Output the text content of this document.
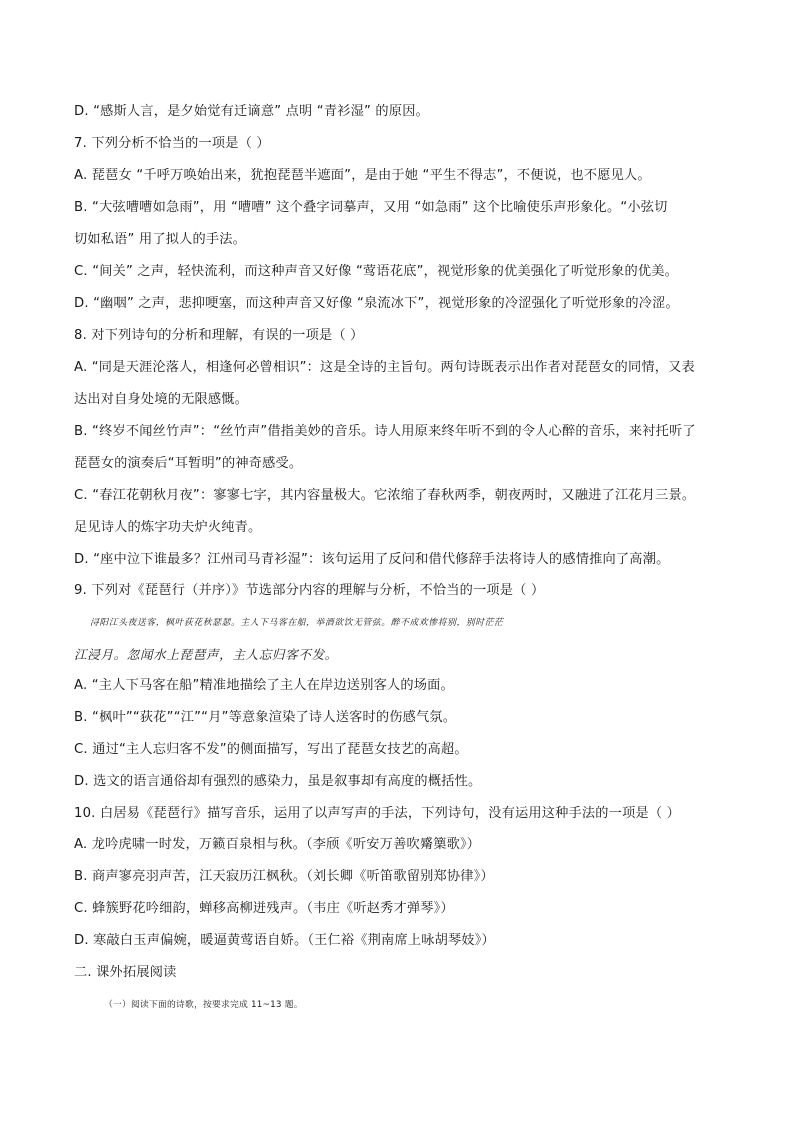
D. “感斯人言，是夕始觉有迁谪意” 点明 “青衫湿” 的原因。
7. 下列分析不恰当的一项是（ ）
A. 琵琶女 “千呼万唤始出来，犹抱琵琶半遮面”，是由于她 “平生不得志”，不便说，也不愿见人。
B. “大弦嘈嘈如急雨”，用 “嘈嘈” 这个叠字词摹声，又用 “如急雨” 这个比喻使乐声形象化。“小弦切
切如私语” 用了拟人的手法。
C. “间关” 之声，轻快流利，而这种声音又好像 “莺语花底”，视觉形象的优美强化了听觉形象的优美。
D. “幽咽” 之声，悲抑哽塞，而这种声音又好像 “泉流冰下”，视觉形象的冷涩强化了听觉形象的冷涩。
8. 对下列诗句的分析和理解，有误的一项是（ ）
A. “同是天涯沦落人，相逢何必曾相识”：这是全诗的主旨句。两句诗既表示出作者对琵琶女的同情，又表
达出对自身处境的无限感慨。
B. “终岁不闻丝竹声”：“丝竹声”借指美妙的音乐。诗人用原来终年听不到的令人心醉的音乐，来衬托听了
琵琶女的演奏后“耳暂明”的神奇感受。
C. “春江花朝秋月夜”：寥寥七字，其内容量极大。它浓缩了春秋两季，朝夜两时，又融进了江花月三景。
足见诗人的炼字功夫炉火纯青。
D. “座中泣下谁最多？江州司马青衫湿”：该句运用了反问和借代修辞手法将诗人的感情推向了高潮。
9. 下列对《琵琶行（并序）》节选部分内容的理解与分析，不恰当的一项是（ ）
浔阳江头夜送客，枫叶荻花秋瑟瑟。主人下马客在船，举酒欲饮无管弦。醉不成欢惨将别，别时茫茫
江浸月。忽闻水上琵琶声，主人忘归客不发。
A. “主人下马客在船”精准地描绘了主人在岸边送别客人的场面。
B. “枫叶”“荻花”“江”“月”等意象渲染了诗人送客时的伤感气氛。
C. 通过“主人忘归客不发”的侧面描写，写出了琵琶女技艺的高超。
D. 选文的语言通俗却有强烈的感染力，虽是叙事却有高度的概括性。
10. 白居易《琵琶行》描写音乐，运用了以声写声的手法，下列诗句，没有运用这种手法的一项是（ ）
A. 龙吟虎啸一时发，万籁百泉相与秋。（李颀《听安万善吹觱篥歌》）
B. 商声寥亮羽声苦，江天寂历江枫秋。（刘长卿《听笛歌留别郑协律》）
C. 蜂簇野花吟细韵，蝉移高柳迸残声。（韦庄《听赵秀才弹琴》）
D. 寒敲白玉声偏婉，暖逼黄莺语自娇。（王仁裕《荆南席上咏胡琴妓》）
二. 课外拓展阅读
（一）阅读下面的诗歌，按要求完成 11~13 题。
